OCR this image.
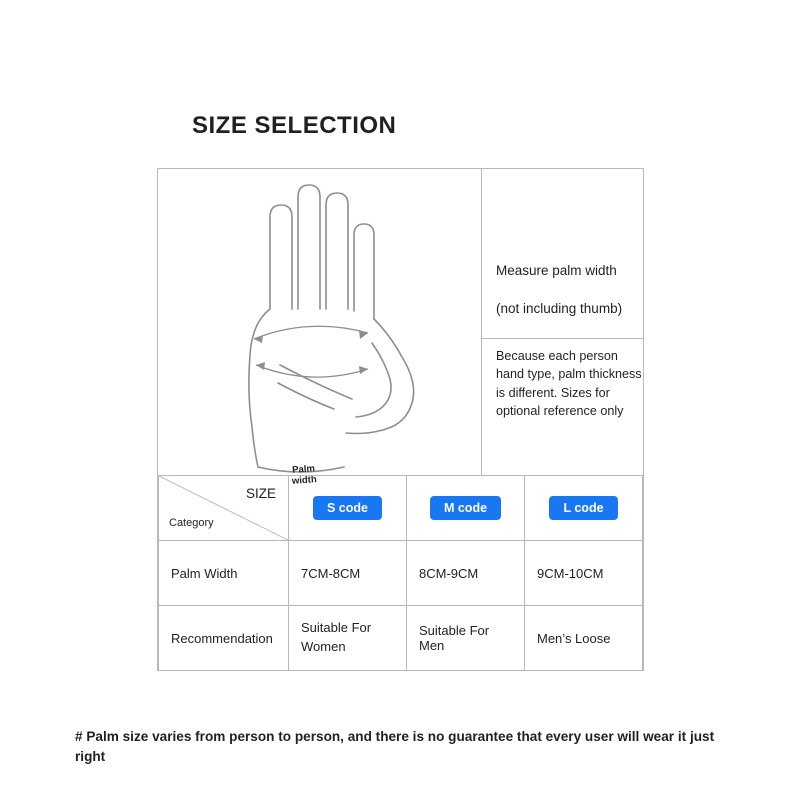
SIZE SELECTION
Palm
width
Measure palm width
(not including thumb)
Because each person hand type, palm thickness is different. Sizes for optional reference only
SIZE
Category	S code	M code	L code
Palm Width	7CM-8CM	8CM-9CM	9CM-10CM
Recommendation	Suitable For Women	Suitable For Men	Men’s Loose
# Palm size varies from person to person, and there is no guarantee that every user will wear it just right
